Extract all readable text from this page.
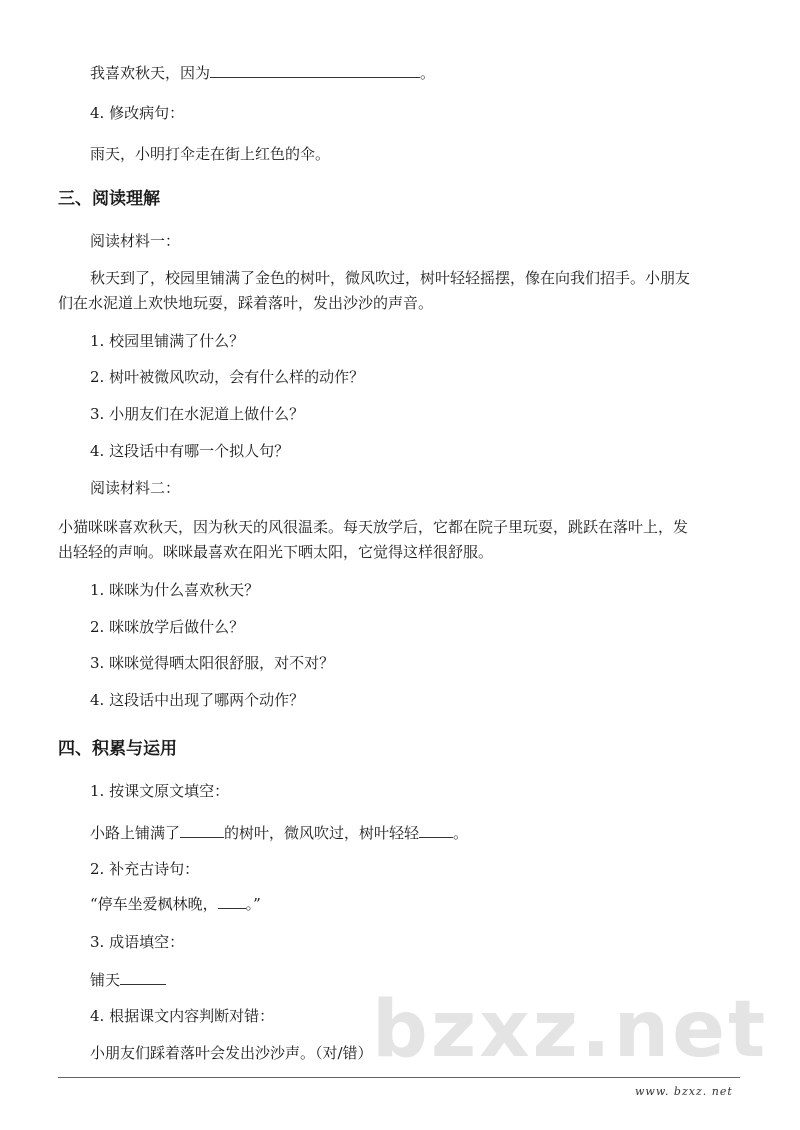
我喜欢秋天，因为	。
4. 修改病句：
雨天，小明打伞走在街上红色的伞。
三、阅读理解
阅读材料一：
秋天到了，校园里铺满了金色的树叶，微风吹过，树叶轻轻摇摆，像在向我们招手。小朋友
们在水泥道上欢快地玩耍，踩着落叶，发出沙沙的声音。
1. 校园里铺满了什么？
2. 树叶被微风吹动，会有什么样的动作？
3. 小朋友们在水泥道上做什么？
4. 这段话中有哪一个拟人句？
阅读材料二：
小猫咪咪喜欢秋天，因为秋天的风很温柔。每天放学后，它都在院子里玩耍，跳跃在落叶上，发
出轻轻的声响。咪咪最喜欢在阳光下晒太阳，它觉得这样很舒服。
1. 咪咪为什么喜欢秋天？
2. 咪咪放学后做什么？
3. 咪咪觉得晒太阳很舒服，对不对？
4. 这段话中出现了哪两个动作？
四、积累与运用
1. 按课文原文填空：
小路上铺满了	的树叶，微风吹过，树叶轻轻 。
2. 补充古诗句：
“停车坐爱枫林晚， 。”
3. 成语填空：
铺天
4. 根据课文内容判断对错：
小朋友们踩着落叶会发出沙沙声。（对/错） bzxz.net
www. bzxz. net
